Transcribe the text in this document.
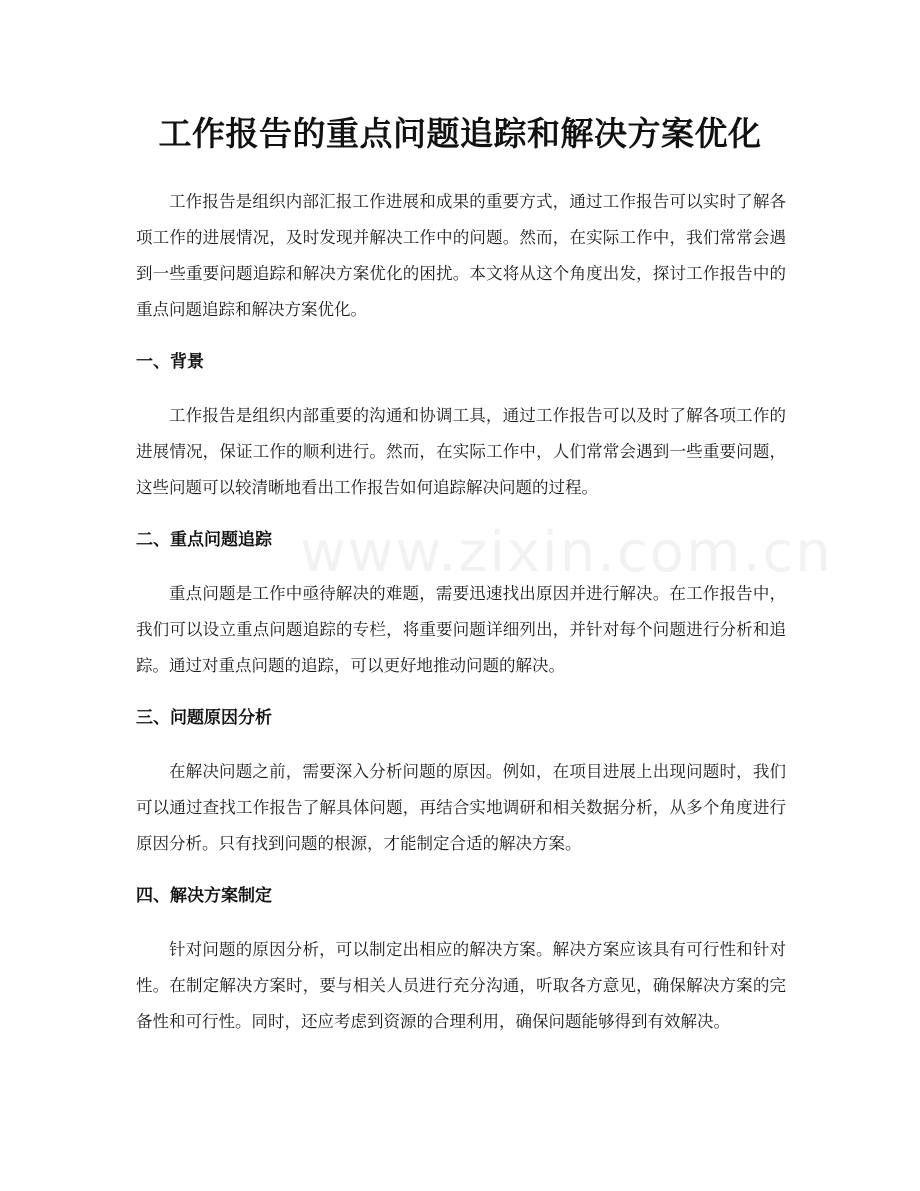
www.zixin.com.cn
工作报告的重点问题追踪和解决方案优化

工作报告是组织内部汇报工作进展和成果的重要方式，通过工作报告可以实时了解各项工作的进展情况，及时发现并解决工作中的问题。然而，在实际工作中，我们常常会遇到一些重要问题追踪和解决方案优化的困扰。本文将从这个角度出发，探讨工作报告中的重点问题追踪和解决方案优化。

一、背景

工作报告是组织内部重要的沟通和协调工具，通过工作报告可以及时了解各项工作的进展情况，保证工作的顺利进行。然而，在实际工作中，人们常常会遇到一些重要问题，这些问题可以较清晰地看出工作报告如何追踪解决问题的过程。

二、重点问题追踪

重点问题是工作中亟待解决的难题，需要迅速找出原因并进行解决。在工作报告中，我们可以设立重点问题追踪的专栏，将重要问题详细列出，并针对每个问题进行分析和追踪。通过对重点问题的追踪，可以更好地推动问题的解决。

三、问题原因分析

在解决问题之前，需要深入分析问题的原因。例如，在项目进展上出现问题时，我们可以通过查找工作报告了解具体问题，再结合实地调研和相关数据分析，从多个角度进行原因分析。只有找到问题的根源，才能制定合适的解决方案。

四、解决方案制定

针对问题的原因分析，可以制定出相应的解决方案。解决方案应该具有可行性和针对性。在制定解决方案时，要与相关人员进行充分沟通，听取各方意见，确保解决方案的完备性和可行性。同时，还应考虑到资源的合理利用，确保问题能够得到有效解决。
